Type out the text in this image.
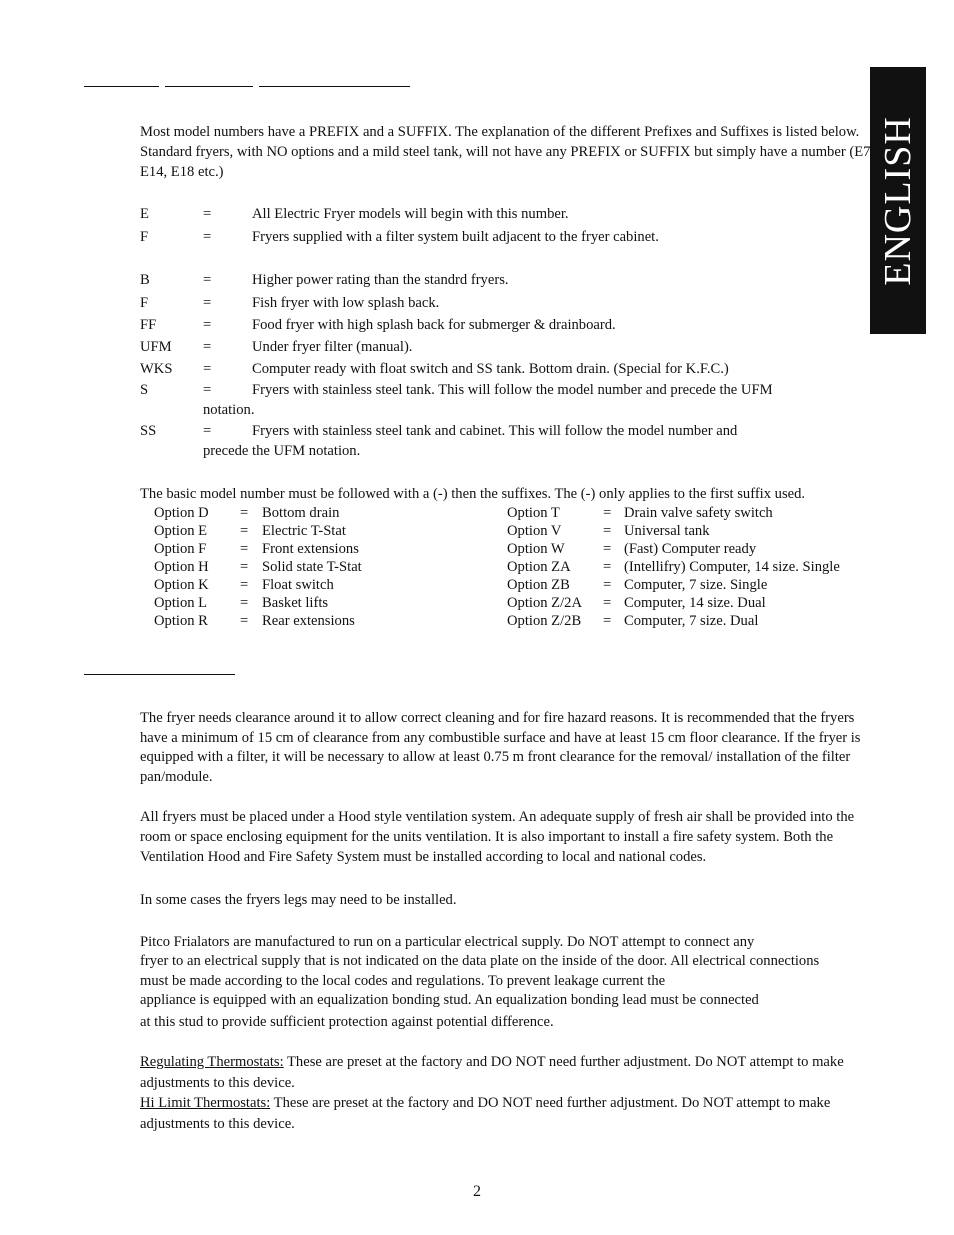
ENGLISH
Most model numbers have a PREFIX and a SUFFIX. The explanation of the different Prefixes and Suffixes is listed below. Standard fryers, with NO options and a mild steel tank, will not have any PREFIX or SUFFIX but simply have a number (E7, E14, E18 etc.)
E	=	All Electric Fryer models will begin with this number.
F	=	Fryers supplied with a filter system built adjacent to the fryer cabinet.
B	=	Higher power rating than the standrd fryers.
F	=	Fish fryer with low splash back.
FF	=	Food fryer with high splash back for submerger & drainboard.
UFM =	Under fryer filter (manual).
WKS =	Computer ready with float switch and SS tank. Bottom drain. (Special for K.F.C.)
S	=	Fryers with stainless steel tank. This will follow the model number and precede the UFM
notation.
SS	=	Fryers with stainless steel tank and cabinet. This will follow the model number and
precede the UFM notation.
The basic model number must be followed with a (-) then the suffixes. The (-) only applies to the first suffix used.
Option D = Bottom drain	Option T	= Drain valve safety switch
Option E = Electric T-Stat	Option V	= Universal tank
Option F = Front extensions	Option W	= (Fast) Computer ready
Option H = Solid state T-Stat	Option ZA = (Intellifry) Computer, 14 size. Single
Option K = Float switch	Option ZB = Computer, 7 size. Single
Option L = Basket lifts	Option Z/2A = Computer, 14 size. Dual
Option R = Rear extensions	Option Z/2B = Computer, 7 size. Dual
The fryer needs clearance around it to allow correct cleaning and for fire hazard reasons. It is recommended that the fryers have a minimum of 15 cm of clearance from any combustible surface and have at least 15 cm floor clearance. If the fryer is equipped with a filter, it will be necessary to allow at least 0.75 m front clearance for the removal/ installation of the filter pan/module.
All fryers must be placed under a Hood style ventilation system. An adequate supply of fresh air shall be provided into the room or space enclosing equipment for the units ventilation. It is also important to install a fire safety system. Both the Ventilation Hood and Fire Safety System must be installed according to local and national codes.
In some cases the fryers legs may need to be installed.
Pitco Frialators are manufactured to run on a particular electrical supply. Do NOT attempt to connect any
fryer to an electrical supply that is not indicated on the data plate on the inside of the door. All electrical connections
must be made according to the local codes and regulations. To prevent leakage current the
appliance is equipped with an equalization bonding stud. An equalization bonding lead must be connected
at this stud to provide sufficient protection against potential difference.
Regulating Thermostats: These are preset at the factory and DO NOT need further adjustment. Do NOT attempt to make adjustments to this device.
Hi Limit Thermostats: These are preset at the factory and DO NOT need further adjustment. Do NOT attempt to make adjustments to this device.
2
